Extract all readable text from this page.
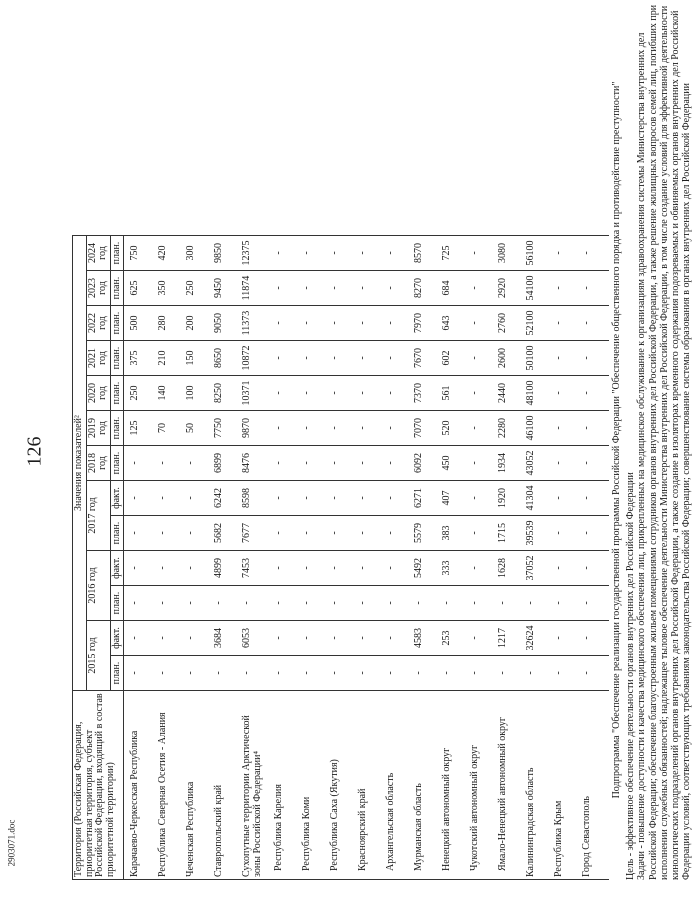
126
2903071.doc	Территория (Российская Федерация, приоритетная территория, субъект Российской Федерации, входящий в состав приоритетной территории)	Значения показателей²												
	2015 год		2016 год		2017 год		2018 год	2019 год	2020 год	2021 год	2022 год	2023 год	2024 год
	план.	факт.	план.	факт.	план.	факт.	план.	план.	план.	план.	план.	план.	план.
Карачаево-Черкесская Республика	-	-	-	-	-	-	-	125	250	375	500	625	750
Республика Северная Осетия - Алания	-	-	-	-	-	-	-	70	140	210	280	350	420
Чеченская Республика	-	-	-	-	-	-	-	50	100	150	200	250	300
Ставропольский край	-	3684	-	4899	5682	6242	6899	7750	8250	8650	9050	9450	9850
Сухопутные территории Арктической зоны Российской Федерации⁴	-	6053	-	7453	7677	8598	8476	9870	10371	10872	11373	11874	12375
Республика Карелия	-	-	-	-	-	-	-	-	-	-	-	-	-
Республика Коми	-	-	-	-	-	-	-	-	-	-	-	-	-
Республика Саха (Якутия)	-	-	-	-	-	-	-	-	-	-	-	-	-
Красноярский край	-	-	-	-	-	-	-	-	-	-	-	-	-
Архангельская область	-	-	-	-	-	-	-	-	-	-	-	-	-
Мурманская область	-	4583	-	5492	5579	6271	6092	7070	7370	7670	7970	8270	8570
Ненецкий автономный округ	-	253	-	333	383	407	450	520	561	602	643	684	725
Чукотский автономный округ	-	-	-	-	-	-	-	-	-	-	-	-	-
Ямало-Ненецкий автономный округ	-	1217	-	1628	1715	1920	1934	2280	2440	2600	2760	2920	3080
Калининградская область	-	32624	-	37052	39539	41304	43052	46100	48100	50100	52100	54100	56100
Республика Крым	-	-	-	-	-	-	-	-	-	-	-	-	-
Город Севастополь	-	-	-	-	-	-	-	-	-	-	-	-	- Подпрограмма "Обеспечение реализации государственной программы Российской Федерации "Обеспечение общественного порядка и противодействие преступности" Цель - эффективное обеспечение деятельности органов внутренних дел Российской Федерации Задачи - повышение доступности и качества медицинского обеспечения лиц, прикрепленных на медицинское обслуживание к организациям здравоохранения системы Министерства внутренних дел Российской Федерации; обеспечение благоустроенным жильем помещениями сотрудников органов внутренних дел Российской Федерации, а также решение жилищных вопросов семей лиц, погибших при исполнении служебных обязанностей; надлежащее тыловое обеспечение деятельности Министерства внутренних дел Российской Федерации, в том числе создание условий для эффективной деятельности кинологических подразделений органов внутренних дел Российской Федерации, а также создание в изоляторах временного содержания подозреваемых и обвиняемых органов внутренних дел Российской Федерации условий, соответствующих требованиям законодательства Российской Федерации; совершенствование системы образования в органах внутренних дел Российской Федерации
